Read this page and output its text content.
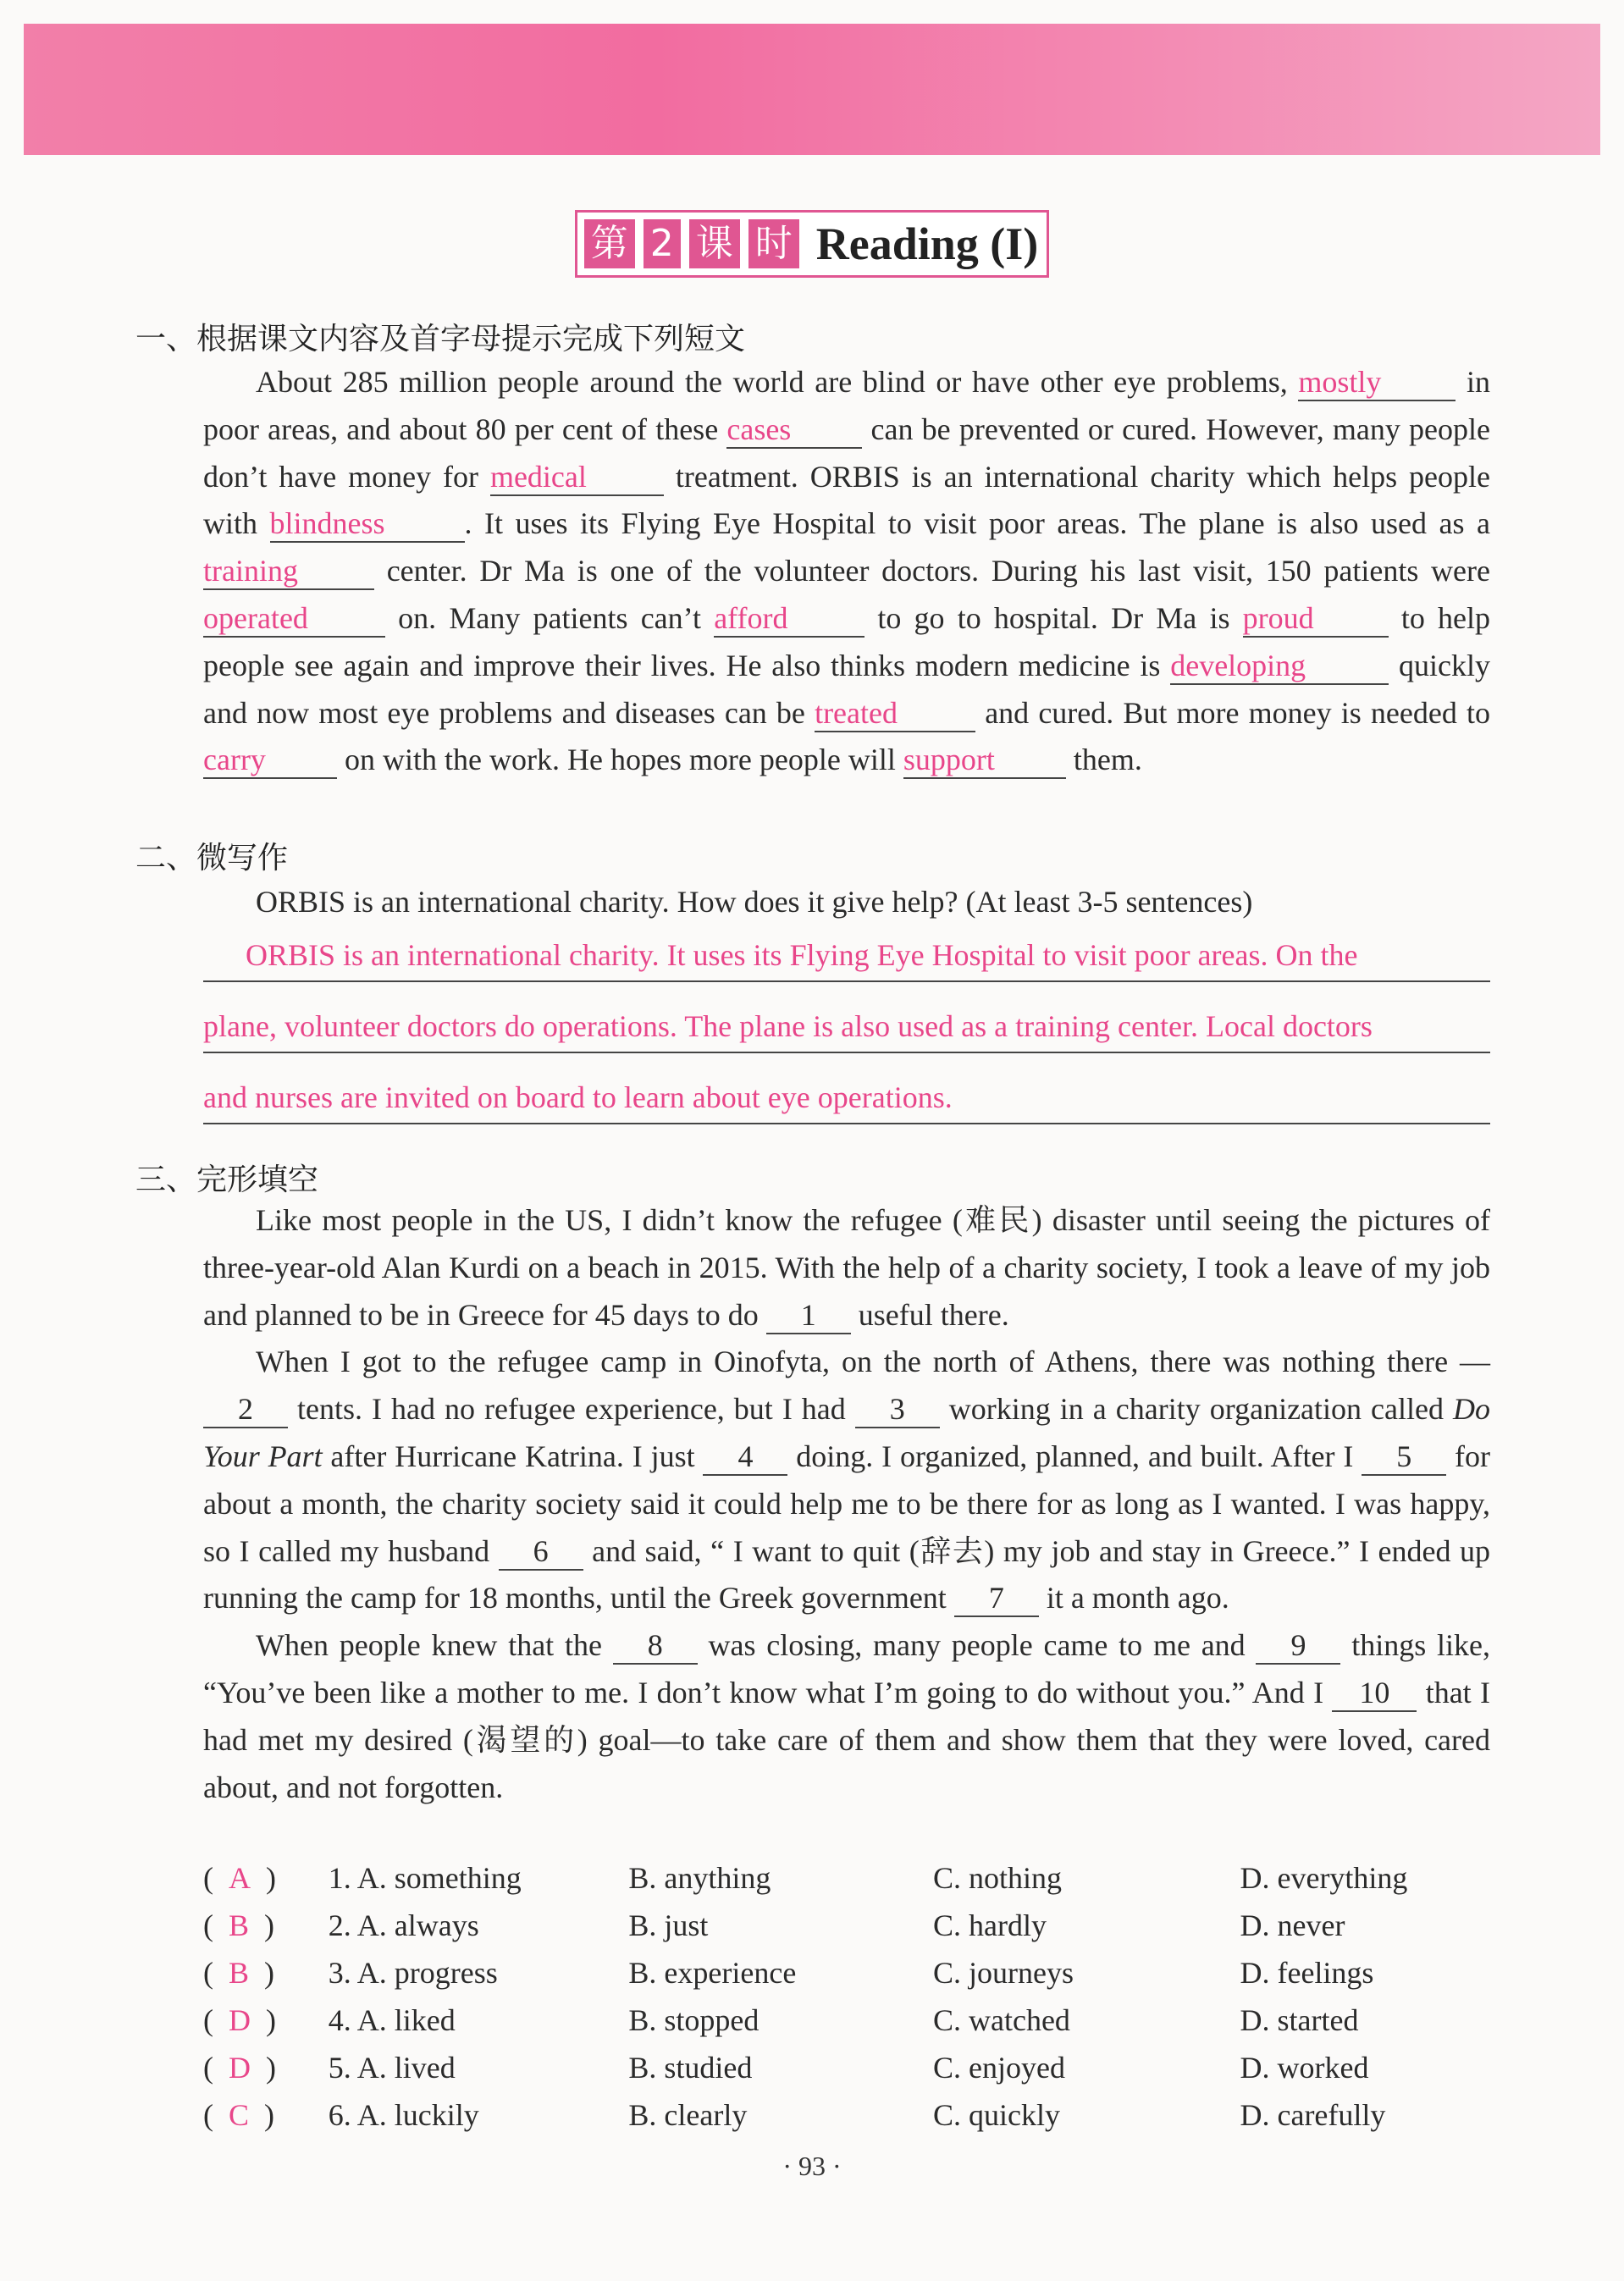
第 2 课 时 Reading (I)
一、根据课文内容及首字母提示完成下列短文
About 285 million people around the world are blind or have other eye problems, mostly in poor areas, and about 80 per cent of these cases can be prevented or cured. However, many people don’t have money for medical	treatment. ORBIS is an international charity which helps people with blindness	. It uses its Flying Eye Hospital to visit poor areas. The plane is also used as a training	center. Dr Ma is one of the volunteer doctors. During his last visit, 150 patients were operated	on. Many patients can’t afford	to go to hospital. Dr Ma is proud to help people see again and improve their lives. He also thinks modern medicine is developing	quickly and now most eye problems and diseases can be treated	and cured. But more money is needed to carry on with the work. He hopes more people will support them.
二、微写作
ORBIS is an international charity. How does it give help? (At least 3-5 sentences)
ORBIS is an international charity. It uses its Flying Eye Hospital to visit poor areas. On the
plane, volunteer doctors do operations. The plane is also used as a training center. Local doctors
and nurses are invited on board to learn about eye operations.
三、完形填空
Like most people in the US, I didn’t know the refugee (难民) disaster until seeing the pictures of three-year-old Alan Kurdi on a beach in 2015. With the help of a charity society, I took a leave of my job and planned to be in Greece for 45 days to do 1 useful there.
When I got to the refugee camp in Oinofyta, on the north of Athens, there was nothing there — 2 tents. I had no refugee experience, but I had 3 working in a charity organization called Do Your Part after Hurricane Katrina. I just 4 doing. I organized, planned, and built. After I 5 for about a month, the charity society said it could help me to be there for as long as I wanted. I was happy, so I called my husband 6 and said, “ I want to quit (辞去) my job and stay in Greece.” I ended up running the camp for 18 months, until the Greek government 7 it a month ago.
When people knew that the 8 was closing, many people came to me and 9 things like, “You’ve been like a mother to me. I don’t know what I’m going to do without you.” And I 10 that I had met my desired (渴望的) goal—to take care of them and show them that they were loved, cared about, and not forgotten.
(  A  )	1. A. something	B. anything	C. nothing	D. everything
(  B  )	2. A. always	B. just	C. hardly	D. never
(  B  )	3. A. progress	B. experience	C. journeys	D. feelings
(  D  )	4. A. liked	B. stopped	C. watched	D. started
(  D  )	5. A. lived	B. studied	C. enjoyed	D. worked
(  C  )	6. A. luckily	B. clearly	C. quickly	D. carefully
· 93 ·
